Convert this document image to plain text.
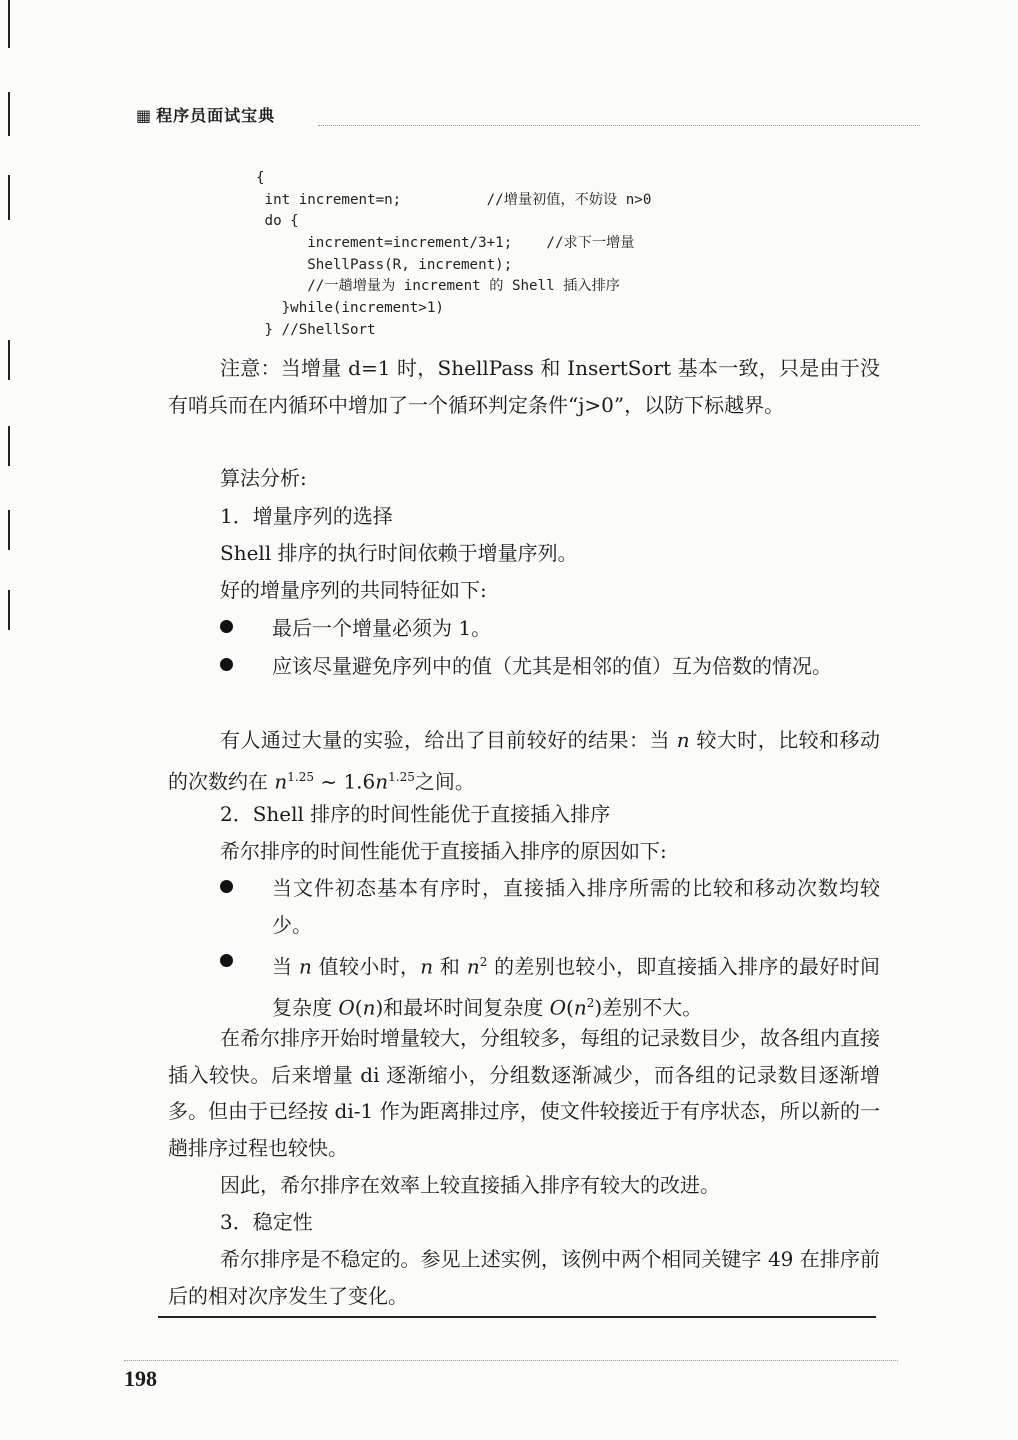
▦ 程序员面试宝典
{
int increment=n;          //增量初值，不妨设 n>0
do {
increment=increment/3+1;    //求下一增量
ShellPass(R, increment);
//一趟增量为 increment 的 Shell 插入排序
}while(increment>1)
} //ShellSort

注意：当增量 d=1 时，ShellPass 和 InsertSort 基本一致，只是由于没有哨兵而在内循环中增加了一个循环判定条件“j>0”，以防下标越界。

算法分析:

1．增量序列的选择

Shell 排序的执行时间依赖于增量序列。

好的增量序列的共同特征如下:

最后一个增量必须为 1。
应该尽量避免序列中的值（尤其是相邻的值）互为倍数的情况。

有人通过大量的实验，给出了目前较好的结果：当 n 较大时，比较和移动的次数约在 $n^{1.25}$ ~ $1.6n^{1.25}$之间。

2．Shell 排序的时间性能优于直接插入排序

希尔排序的时间性能优于直接插入排序的原因如下:

当文件初态基本有序时，直接插入排序所需的比较和移动次数均较少。
当 n 值较小时，n 和 $n^2$ 的差别也较小，即直接插入排序的最好时间复杂度 O(n)和最坏时间复杂度 $O(n^2)$差别不大。

在希尔排序开始时增量较大，分组较多，每组的记录数目少，故各组内直接插入较快。后来增量 di 逐渐缩小，分组数逐渐减少，而各组的记录数目逐渐增多。但由于已经按 di-1 作为距离排过序，使文件较接近于有序状态，所以新的一趟排序过程也较快。

因此，希尔排序在效率上较直接插入排序有较大的改进。

3．稳定性

希尔排序是不稳定的。参见上述实例，该例中两个相同关键字 49 在排序前后的相对次序发生了变化。

198
